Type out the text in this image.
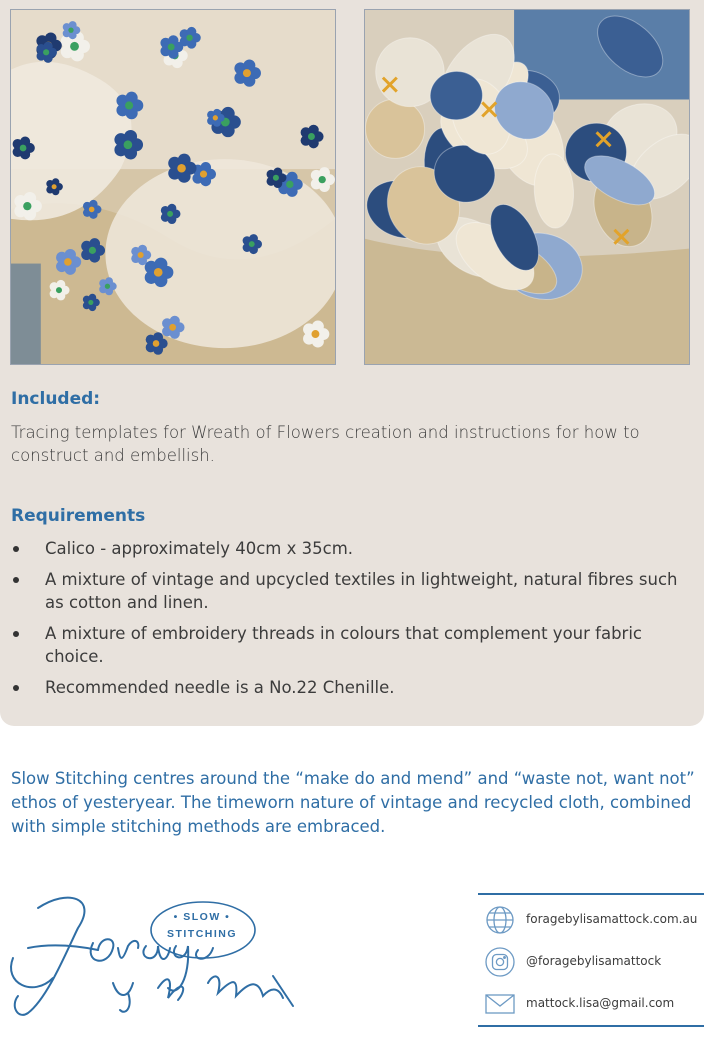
Included:
Tracing templates for Wreath of Flowers creation and instructions for how to construct and embellish.
Requirements
Calico - approximately 40cm x 35cm.
A mixture of vintage and upcycled textiles in lightweight, natural fibres such as cotton and linen.
A mixture of embroidery threads in colours that complement your fabric choice.
Recommended needle is a No.22 Chenille.
Slow Stitching centres around the “make do and mend” and “waste not, want not” ethos of yesteryear. The timeworn nature of vintage and recycled cloth, combined with simple stitching methods are embraced.
• SLOW •
STITCHING
foragebylisamattock.com.au
@foragebylisamattock
mattock.lisa@gmail.com
